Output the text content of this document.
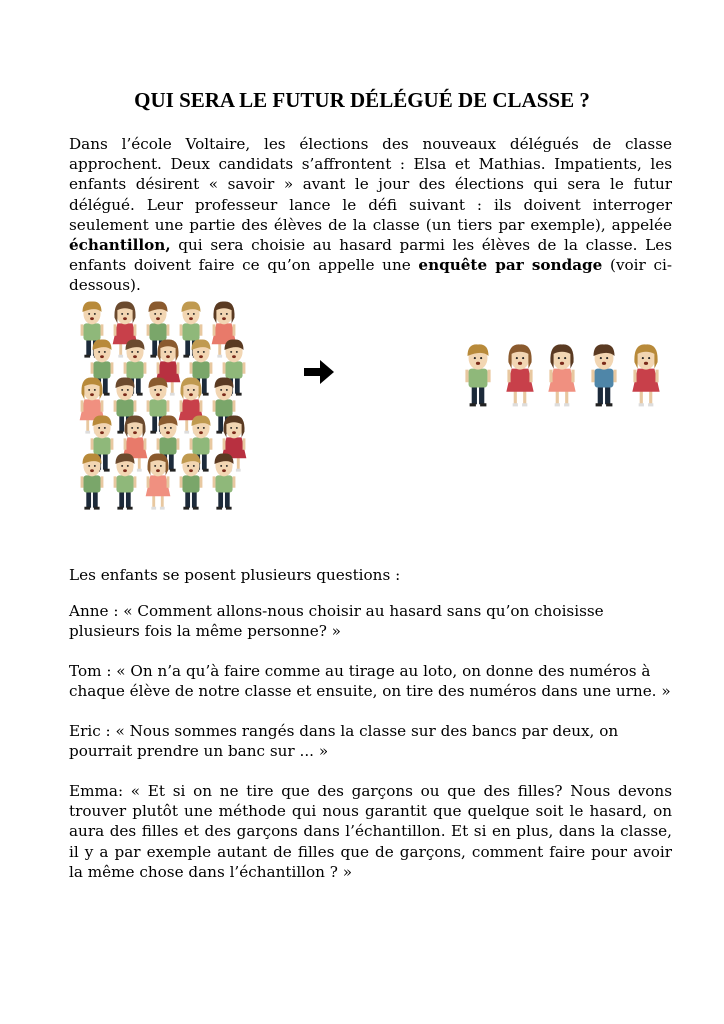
QUI SERA LE FUTUR DÉLÉGUÉ DE CLASSE ?

Dans l’école Voltaire, les élections des nouveaux délégués de classe approchent. Deux candidats s’affrontent : Elsa et Mathias. Impatients, les enfants désirent « savoir » avant le jour des élections qui sera le futur délégué. Leur professeur lance le défi suivant : ils doivent interroger seulement une partie des élèves de la classe (un tiers par exemple), appelée échantillon, qui sera choisie au hasard parmi les élèves de la classe. Les enfants doivent faire ce qu’on appelle une enquête par sondage (voir ci-dessous).

Les enfants se posent plusieurs questions :

Anne : « Comment allons-nous choisir au hasard sans qu’on choisisse plusieurs fois la même personne? »

Tom : « On n’a qu’à faire comme au tirage au loto, on donne des numéros à chaque élève de notre classe et ensuite, on tire des numéros dans une urne. »

Eric : « Nous sommes rangés dans la classe sur des bancs par deux, on pourrait prendre un banc sur ... »

Emma: « Et si on ne tire que des garçons ou que des filles? Nous devons trouver plutôt une méthode qui nous garantit que quelque soit le hasard, on aura des filles et des garçons dans l’échantillon. Et si en plus, dans la classe, il y a par exemple autant de filles que de garçons, comment faire pour avoir la même chose dans l’échantillon ? »
